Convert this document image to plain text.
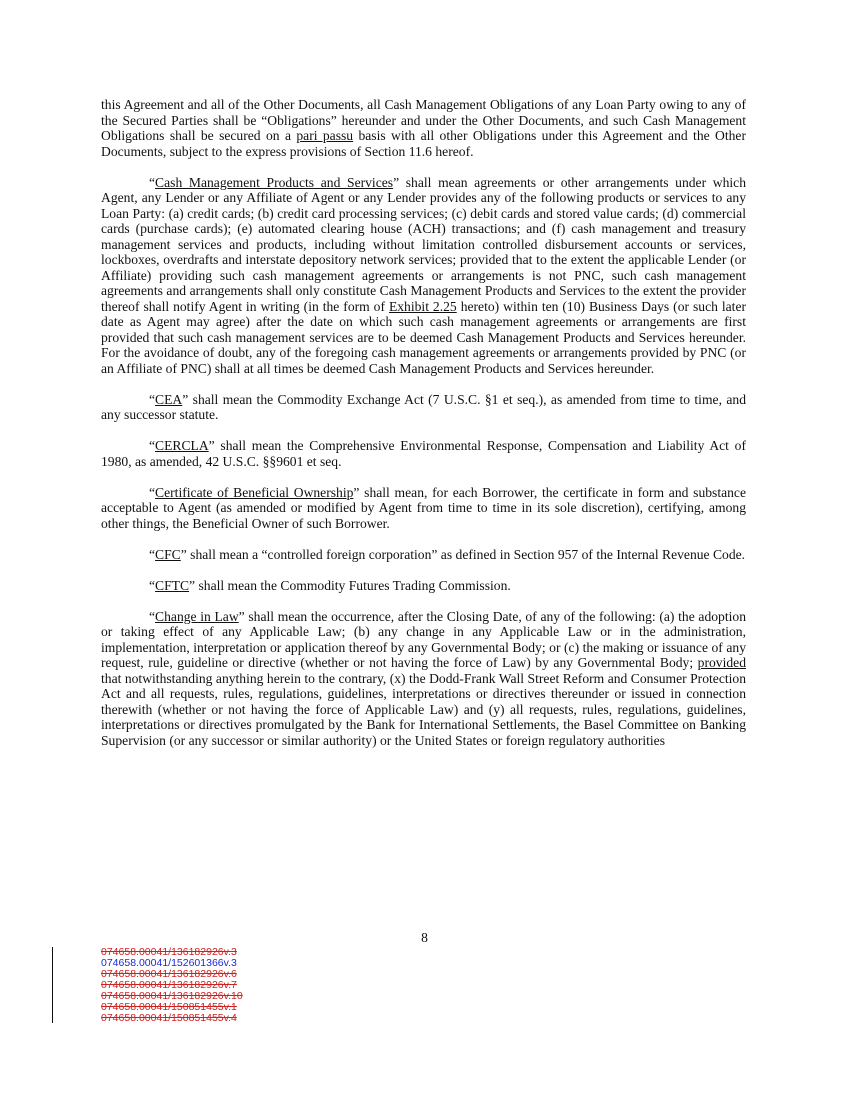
this Agreement and all of the Other Documents, all Cash Management Obligations of any Loan Party owing to any of the Secured Parties shall be “Obligations” hereunder and under the Other Documents, and such Cash Management Obligations shall be secured on a pari passu basis with all other Obligations under this Agreement and the Other Documents, subject to the express provisions of Section 11.6 hereof.

“Cash Management Products and Services” shall mean agreements or other arrangements under which Agent, any Lender or any Affiliate of Agent or any Lender provides any of the following products or services to any Loan Party: (a) credit cards; (b) credit card processing services; (c) debit cards and stored value cards; (d) commercial cards (purchase cards); (e) automated clearing house (ACH) transactions; and (f) cash management and treasury management services and products, including without limitation controlled disbursement accounts or services, lockboxes, overdrafts and interstate depository network services; provided that to the extent the applicable Lender (or Affiliate) providing such cash management agreements or arrangements is not PNC, such cash management agreements and arrangements shall only constitute Cash Management Products and Services to the extent the provider thereof shall notify Agent in writing (in the form of Exhibit 2.25 hereto) within ten (10) Business Days (or such later date as Agent may agree) after the date on which such cash management agreements or arrangements are first provided that such cash management services are to be deemed Cash Management Products and Services hereunder. For the avoidance of doubt, any of the foregoing cash management agreements or arrangements provided by PNC (or an Affiliate of PNC) shall at all times be deemed Cash Management Products and Services hereunder.

“CEA” shall mean the Commodity Exchange Act (7 U.S.C. §1 et seq.), as amended from time to time, and any successor statute.

“CERCLA” shall mean the Comprehensive Environmental Response, Compensation and Liability Act of 1980, as amended, 42 U.S.C. §§9601 et seq.

“Certificate of Beneficial Ownership” shall mean, for each Borrower, the certificate in form and substance acceptable to Agent (as amended or modified by Agent from time to time in its sole discretion), certifying, among other things, the Beneficial Owner of such Borrower.

“CFC” shall mean a “controlled foreign corporation” as defined in Section 957 of the Internal Revenue Code.

“CFTC” shall mean the Commodity Futures Trading Commission.

“Change in Law” shall mean the occurrence, after the Closing Date, of any of the following: (a) the adoption or taking effect of any Applicable Law; (b) any change in any Applicable Law or in the administration, implementation, interpretation or application thereof by any Governmental Body; or (c) the making or issuance of any request, rule, guideline or directive (whether or not having the force of Law) by any Governmental Body; provided that notwithstanding anything herein to the contrary, (x) the Dodd-Frank Wall Street Reform and Consumer Protection Act and all requests, rules, regulations, guidelines, interpretations or directives thereunder or issued in connection therewith (whether or not having the force of Applicable Law) and (y) all requests, rules, regulations, guidelines, interpretations or directives promulgated by the Bank for International Settlements, the Basel Committee on Banking Supervision (or any successor or similar authority) or the United States or foreign regulatory authorities

8
074658.00041/136182926v.3
074658.00041/152601366v.3
074658.00041/136182926v.6
074658.00041/136182926v.7
074658.00041/136182926v.10
074658.00041/150851455v.1
074658.00041/150851455v.4
